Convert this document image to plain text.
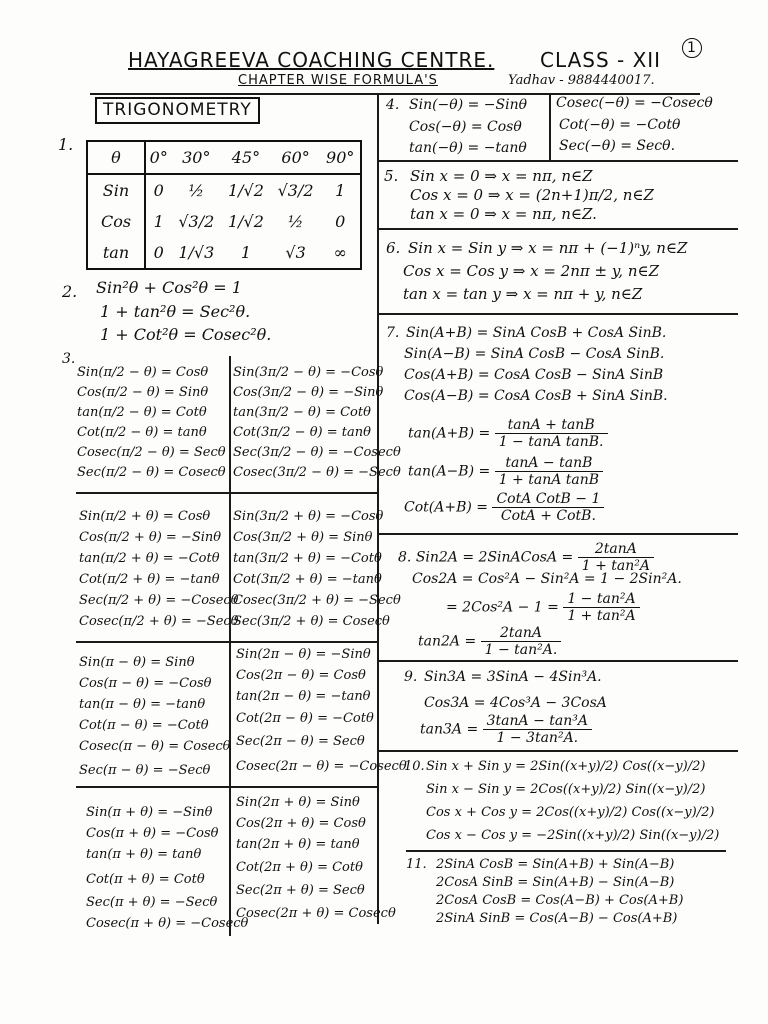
HAYAGREEVA COACHING CENTRE. CLASS - XII	1
CHAPTER WISE FORMULA'S	Yadhav - 9884440017.
TRIGONOMETRY
1.
θ	0°	30°	45°	60°	90°
Sin	0	½	1/√2	√3/2	1
Cos	1	√3/2	1/√2	½	0
tan	0	1/√3	1	√3	∞
2. Sin²θ + Cos²θ = 1
1 + tan²θ = Sec²θ.
1 + Cot²θ = Cosec²θ.
3.
Sin(π/2 − θ) = Cosθ
Cos(π/2 − θ) = Sinθ
tan(π/2 − θ) = Cotθ
Cot(π/2 − θ) = tanθ
Cosec(π/2 − θ) = Secθ
Sec(π/2 − θ) = Cosecθ
Sin(3π/2 − θ) = −Cosθ
Cos(3π/2 − θ) = −Sinθ
tan(3π/2 − θ) = Cotθ
Cot(3π/2 − θ) = tanθ
Sec(3π/2 − θ) = −Cosecθ
Cosec(3π/2 − θ) = −Secθ
Sin(π/2 + θ) = Cosθ
Cos(π/2 + θ) = −Sinθ
tan(π/2 + θ) = −Cotθ
Cot(π/2 + θ) = −tanθ
Sec(π/2 + θ) = −Cosecθ
Cosec(π/2 + θ) = −Secθ
Sin(3π/2 + θ) = −Cosθ
Cos(3π/2 + θ) = Sinθ
tan(3π/2 + θ) = −Cotθ
Cot(3π/2 + θ) = −tanθ
Cosec(3π/2 + θ) = −Secθ
Sec(3π/2 + θ) = Cosecθ
Sin(π − θ) = Sinθ
Cos(π − θ) = −Cosθ
tan(π − θ) = −tanθ
Cot(π − θ) = −Cotθ
Cosec(π − θ) = Cosecθ
Sec(π − θ) = −Secθ
Sin(2π − θ) = −Sinθ
Cos(2π − θ) = Cosθ
tan(2π − θ) = −tanθ
Cot(2π − θ) = −Cotθ
Sec(2π − θ) = Secθ
Cosec(2π − θ) = −Cosecθ
Sin(π + θ) = −Sinθ
Cos(π + θ) = −Cosθ
tan(π + θ) = tanθ
Cot(π + θ) = Cotθ
Sec(π + θ) = −Secθ
Cosec(π + θ) = −Cosecθ
Sin(2π + θ) = Sinθ
Cos(2π + θ) = Cosθ
tan(2π + θ) = tanθ
Cot(2π + θ) = Cotθ
Sec(2π + θ) = Secθ
Cosec(2π + θ) = Cosecθ
4. Sin(−θ) = −Sinθ
Cos(−θ) = Cosθ
tan(−θ) = −tanθ
Cosec(−θ) = −Cosecθ
Cot(−θ) = −Cotθ
Sec(−θ) = Secθ.
5. Sin x = 0 ⇒ x = nπ, n∈Z
Cos x = 0 ⇒ x = (2n+1)π/2, n∈Z
tan x = 0 ⇒ x = nπ, n∈Z.
6. Sin x = Sin y ⇒ x = nπ + (−1)ⁿy, n∈Z
Cos x = Cos y ⇒ x = 2nπ ± y, n∈Z
tan x = tan y ⇒ x = nπ + y, n∈Z
7. Sin(A+B) = SinA CosB + CosA SinB.
Sin(A−B) = SinA CosB − CosA SinB.
Cos(A+B) = CosA CosB − SinA SinB
Cos(A−B) = CosA CosB + SinA SinB.
$\tan(A+B) = \frac{\tan A + \tan B}{\text{1 − tanA tanB.}}$
$\tan(A-B) = \frac{\tan A - \tan B}{\text{1 + tanA tanB}}$
$Cot(A+B) = \frac{\text{CotA CotB − 1}}{\text{CotA + CotB.}}$
8. Sin2A = 2SinACosA = $\frac{2\tan A}{\text{1 + tan²A}}$
Cos2A = Cos²A − Sin²A = 1 − 2Sin²A.
= $2Cos^2A - 1 = \frac{\text{1 − tan²A}}{\text{1 + tan²A}}$
$\tan 2A = \frac{2\tan A}{\text{1 − tan²A.}}$
9. Sin3A = 3SinA − 4Sin³A.
Cos3A = 4Cos³A − 3CosA
$\tan 3A = \frac{\text{3tanA − tan³A}}{\text{1 − 3tan²A.}}$
10. Sin x + Sin y = 2Sin((x+y)/2) Cos((x−y)/2)
Sin x − Sin y = 2Cos((x+y)/2) Sin((x−y)/2)
Cos x + Cos y = 2Cos((x+y)/2) Cos((x−y)/2)
Cos x − Cos y = −2Sin((x+y)/2) Sin((x−y)/2)
11. 2SinA CosB = Sin(A+B) + Sin(A−B)
2CosA SinB = Sin(A+B) − Sin(A−B)
2CosA CosB = Cos(A−B) + Cos(A+B)
2SinA SinB = Cos(A−B) − Cos(A+B)
